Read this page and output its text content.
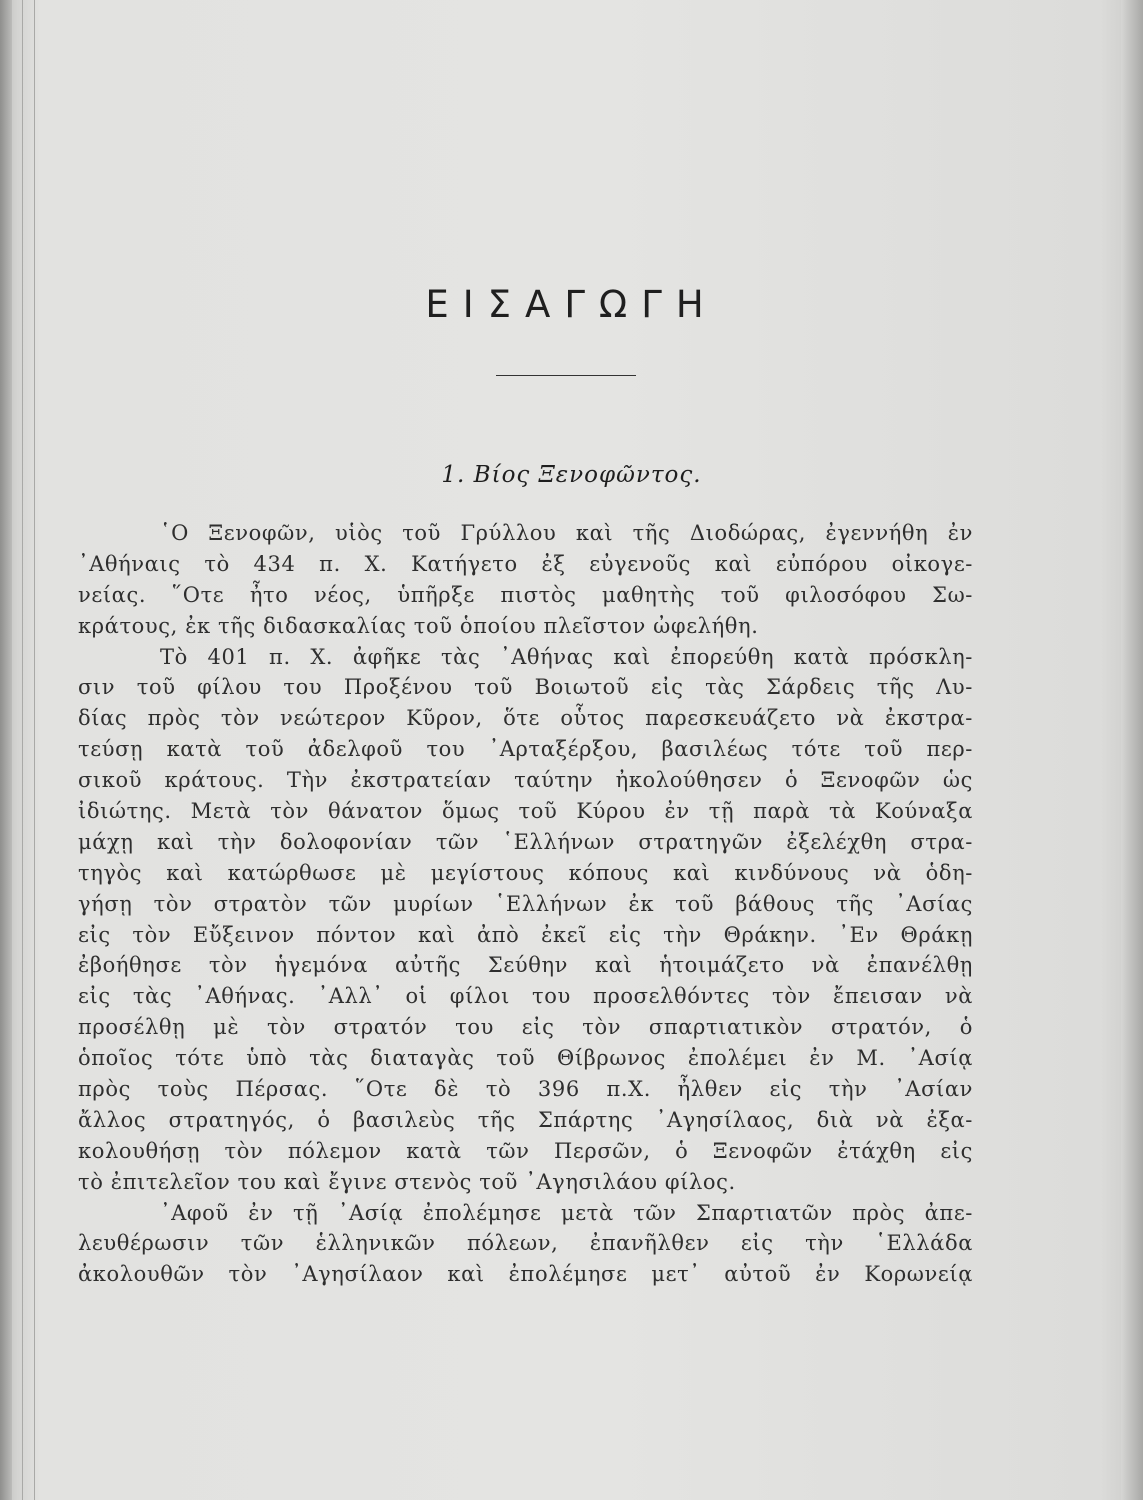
ΕΙΣΑΓΩΓΗ
1. Βίος Ξενοφῶντος.
῾Ο Ξενοφῶν, υἱὸς τοῦ Γρύλλου καὶ τῆς Διοδώρας, ἐγεννήθη ἐν
᾿Αθήναις τὸ 434 π. Χ. Κατήγετο ἐξ εὐγενοῦς καὶ εὐπόρου οἰκογε-
νείας. ῞Οτε ἦτο νέος, ὑπῆρξε πιστὸς μαθητὴς τοῦ φιλοσόφου Σω-
κράτους, ἐκ τῆς διδασκαλίας τοῦ ὁποίου πλεῖστον ὠφελήθη.
Τὸ 401 π. Χ. ἀφῆκε τὰς ᾿Αθήνας καὶ ἐπορεύθη κατὰ πρόσκλη-
σιν τοῦ φίλου του Προξένου τοῦ Βοιωτοῦ εἰς τὰς Σάρδεις τῆς Λυ-
δίας πρὸς τὸν νεώτερον Κῦρον, ὅτε οὗτος παρεσκευάζετο νὰ ἐκστρα-
τεύσῃ κατὰ τοῦ ἀδελφοῦ του ᾿Αρταξέρξου, βασιλέως τότε τοῦ περ-
σικοῦ κράτους. Τὴν ἐκστρατείαν ταύτην ἠκολούθησεν ὁ Ξενοφῶν ὡς
ἰδιώτης. Μετὰ τὸν θάνατον ὅμως τοῦ Κύρου ἐν τῇ παρὰ τὰ Κούναξα
μάχῃ καὶ τὴν δολοφονίαν τῶν ῾Ελλήνων στρατηγῶν ἐξελέχθη στρα-
τηγὸς καὶ κατώρθωσε μὲ μεγίστους κόπους καὶ κινδύνους νὰ ὁδη-
γήσῃ τὸν στρατὸν τῶν μυρίων ῾Ελλήνων ἐκ τοῦ βάθους τῆς ᾿Ασίας
εἰς τὸν Εὔξεινον πόντον καὶ ἀπὸ ἐκεῖ εἰς τὴν Θράκην. ᾿Εν Θράκῃ
ἐβοήθησε τὸν ἡγεμόνα αὐτῆς Σεύθην καὶ ἡτοιμάζετο νὰ ἐπανέλθῃ
εἰς τὰς ᾿Αθήνας. ᾿Αλλ᾿ οἱ φίλοι του προσελθόντες τὸν ἔπεισαν νὰ
προσέλθῃ μὲ τὸν στρατόν του εἰς τὸν σπαρτιατικὸν στρατόν, ὁ
ὁποῖος τότε ὑπὸ τὰς διαταγὰς τοῦ Θίβρωνος ἐπολέμει ἐν Μ. ᾿Ασίᾳ
πρὸς τοὺς Πέρσας. ῞Οτε δὲ τὸ 396 π.Χ. ἦλθεν εἰς τὴν ᾿Ασίαν
ἄλλος στρατηγός, ὁ βασιλεὺς τῆς Σπάρτης ᾿Αγησίλαος, διὰ νὰ ἐξα-
κολουθήσῃ τὸν πόλεμον κατὰ τῶν Περσῶν, ὁ Ξενοφῶν ἐτάχθη εἰς
τὸ ἐπιτελεῖον του καὶ ἔγινε στενὸς τοῦ ᾿Αγησιλάου φίλος.
᾿Αφοῦ ἐν τῇ ᾿Ασίᾳ ἐπολέμησε μετὰ τῶν Σπαρτιατῶν πρὸς ἀπε-
λευθέρωσιν τῶν ἑλληνικῶν πόλεων, ἐπανῆλθεν εἰς τὴν ῾Ελλάδα
ἀκολουθῶν τὸν ᾿Αγησίλαον καὶ ἐπολέμησε μετ᾿ αὐτοῦ ἐν Κορωνείᾳ
